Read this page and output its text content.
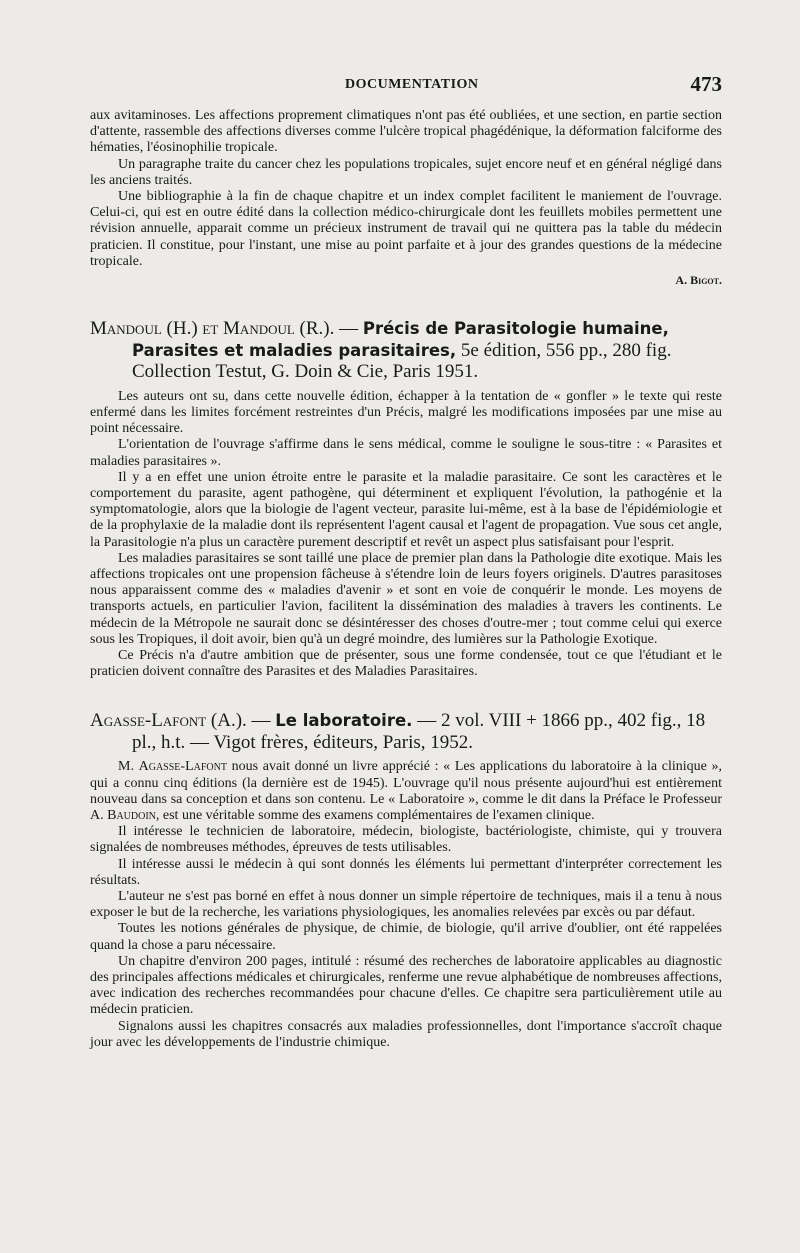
DOCUMENTATION	473

aux avitaminoses. Les affections proprement climatiques n'ont pas été oubliées, et une section, en partie section d'attente, rassemble des affections diverses comme l'ulcère tropical phagédénique, la déformation falciforme des hématies, l'éosinophilie tropicale.

Un paragraphe traite du cancer chez les populations tropicales, sujet encore neuf et en général négligé dans les anciens traités.

Une bibliographie à la fin de chaque chapitre et un index complet facilitent le maniement de l'ouvrage. Celui-ci, qui est en outre édité dans la collection médico-chirurgicale dont les feuillets mobiles permettent une révision annuelle, apparait comme un précieux instrument de travail qui ne quittera pas la table du médecin praticien. Il constitue, pour l'instant, une mise au point parfaite et à jour des grandes questions de la médecine tropicale.

A. Bigot.

Mandoul (H.) et Mandoul (R.). — Précis de Parasitologie humaine, Parasites et maladies parasitaires, 5e édition, 556 pp., 280 fig. Collection Testut, G. Doin & Cie, Paris 1951.

Les auteurs ont su, dans cette nouvelle édition, échapper à la tentation de « gonfler » le texte qui reste enfermé dans les limites forcément restreintes d'un Précis, malgré les modifications imposées par une mise au point nécessaire.

L'orientation de l'ouvrage s'affirme dans le sens médical, comme le souligne le sous-titre : « Parasites et maladies parasitaires ».

Il y a en effet une union étroite entre le parasite et la maladie parasitaire. Ce sont les caractères et le comportement du parasite, agent pathogène, qui déterminent et expliquent l'évolution, la pathogénie et la symptomatologie, alors que la biologie de l'agent vecteur, parasite lui-même, est à la base de l'épidémiologie et de la prophylaxie de la maladie dont ils représentent l'agent causal et l'agent de propagation. Vue sous cet angle, la Parasitologie n'a plus un caractère purement descriptif et revêt un aspect plus satisfaisant pour l'esprit.

Les maladies parasitaires se sont taillé une place de premier plan dans la Pathologie dite exotique. Mais les affections tropicales ont une propension fâcheuse à s'étendre loin de leurs foyers originels. D'autres parasitoses nous apparaissent comme des « maladies d'avenir » et sont en voie de conquérir le monde. Les moyens de transports actuels, en particulier l'avion, facilitent la dissémination des maladies à travers les continents. Le médecin de la Métropole ne saurait donc se désintéresser des choses d'outre-mer ; tout comme celui qui exerce sous les Tropiques, il doit avoir, bien qu'à un degré moindre, des lumières sur la Pathologie Exotique.

Ce Précis n'a d'autre ambition que de présenter, sous une forme condensée, tout ce que l'étudiant et le praticien doivent connaître des Parasites et des Maladies Parasitaires.

Agasse-Lafont (A.). — Le laboratoire. — 2 vol. VIII + 1866 pp., 402 fig., 18 pl., h.t. — Vigot frères, éditeurs, Paris, 1952.

M. Agasse-Lafont nous avait donné un livre apprécié : « Les applications du laboratoire à la clinique », qui a connu cinq éditions (la dernière est de 1945). L'ouvrage qu'il nous présente aujourd'hui est entièrement nouveau dans sa conception et dans son contenu. Le « Laboratoire », comme le dit dans la Préface le Professeur A. Baudoin, est une véritable somme des examens complémentaires de l'examen clinique.

Il intéresse le technicien de laboratoire, médecin, biologiste, bactériologiste, chimiste, qui y trouvera signalées de nombreuses méthodes, épreuves de tests utilisables.

Il intéresse aussi le médecin à qui sont donnés les éléments lui permettant d'interpréter correctement les résultats.

L'auteur ne s'est pas borné en effet à nous donner un simple répertoire de techniques, mais il a tenu à nous exposer le but de la recherche, les variations physiologiques, les anomalies relevées par excès ou par défaut.

Toutes les notions générales de physique, de chimie, de biologie, qu'il arrive d'oublier, ont été rappelées quand la chose a paru nécessaire.

Un chapitre d'environ 200 pages, intitulé : résumé des recherches de laboratoire applicables au diagnostic des principales affections médicales et chirurgicales, renferme une revue alphabétique de nombreuses affections, avec indication des recherches recommandées pour chacune d'elles. Ce chapitre sera particulièrement utile au médecin praticien.

Signalons aussi les chapitres consacrés aux maladies professionnelles, dont l'importance s'accroît chaque jour avec les développements de l'industrie chimique.
